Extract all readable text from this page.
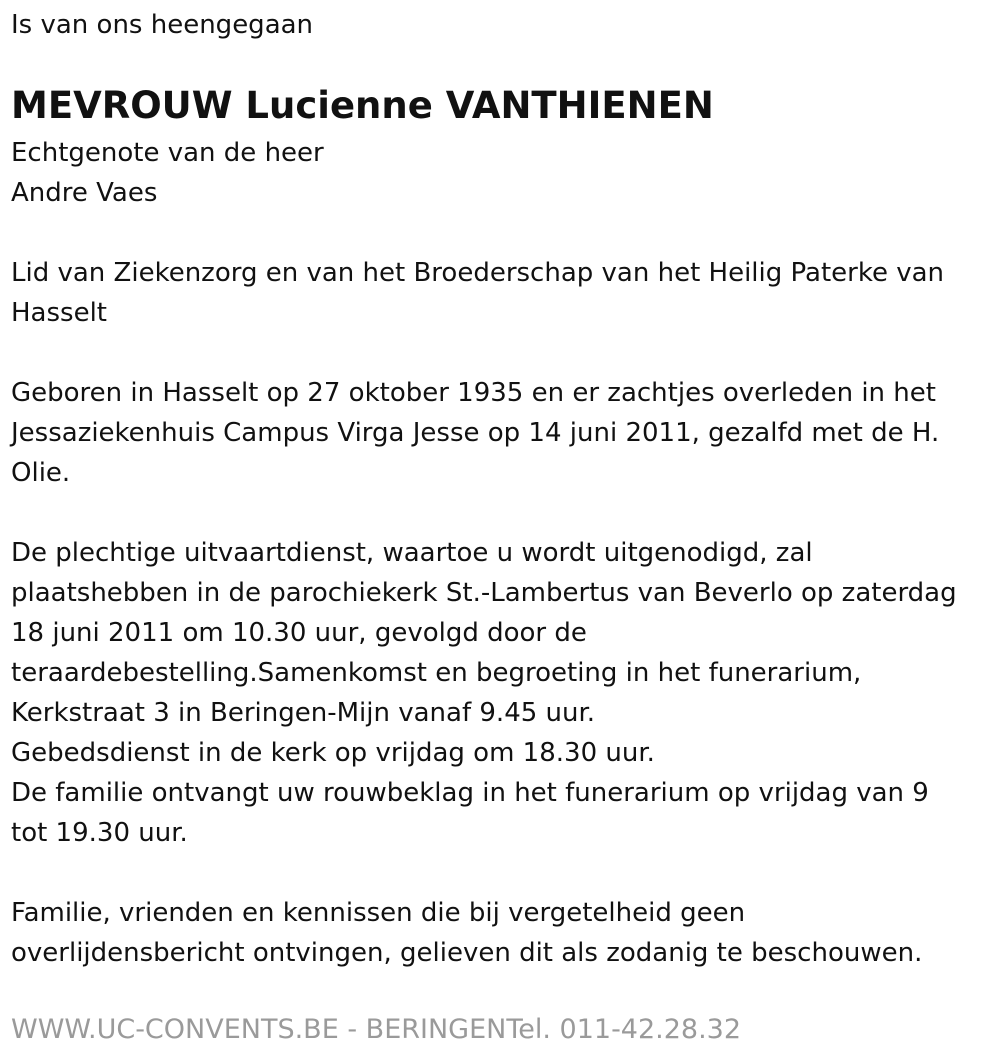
Is van ons heengegaan

MEVROUW Lucienne VANTHIENEN

Echtgenote van de heer

Andre Vaes

Lid van Ziekenzorg en van het Broederschap van het Heilig Paterke van

Hasselt

Geboren in Hasselt op 27 oktober 1935 en er zachtjes overleden in het

Jessaziekenhuis Campus Virga Jesse op 14 juni 2011, gezalfd met de H.

Olie.

De plechtige uitvaartdienst, waartoe u wordt uitgenodigd, zal

plaatshebben in de parochiekerk St.-Lambertus van Beverlo op zaterdag

18 juni 2011 om 10.30 uur, gevolgd door de

teraardebestelling.Samenkomst en begroeting in het funerarium,

Kerkstraat 3 in Beringen-Mijn vanaf 9.45 uur.

Gebedsdienst in de kerk op vrijdag om 18.30 uur.

De familie ontvangt uw rouwbeklag in het funerarium op vrijdag van 9

tot 19.30 uur.

Familie, vrienden en kennissen die bij vergetelheid geen

overlijdensbericht ontvingen, gelieven dit als zodanig te beschouwen.

WWW.UC-CONVENTS.BE - BERINGENTel. 011-42.28.32
